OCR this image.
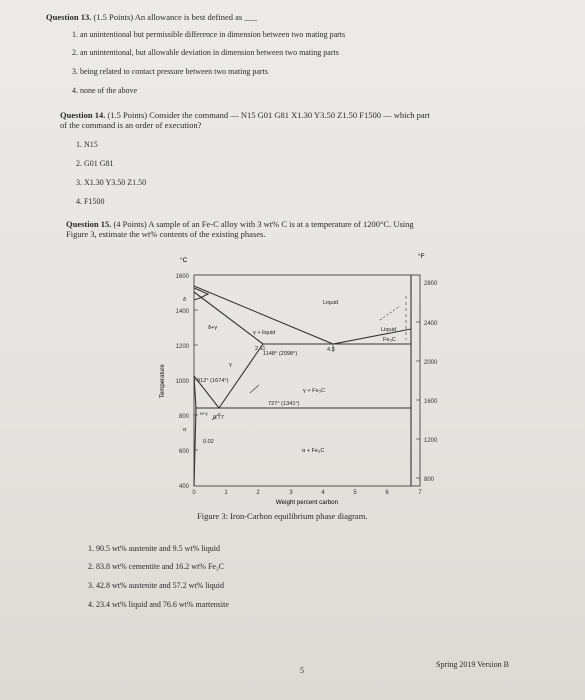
Question 13. (1.5 Points) An allowance is best defined as ___
1. an unintentional but permissible difference in dimension between two mating parts
2. an unintentional, but allowable deviation in dimension between two mating parts
3. being related to contact pressure between two mating parts
4. none of the above
Question 14. (1.5 Points) Consider the command — N15 G01 G81 X1.30 Y3.50 Z1.50 F1500 — which part
of the command is an order of execution?
1. N15
2. G01 G81
3. X1.30 Y3.50 Z1.50
4. F1500
Question 15. (4 Points) A sample of an Fe-C alloy with 3 wt% C is at a temperature of 1200°C. Using
Figure 3, estimate the wt% contents of the existing phases.
°C
°F
1600
1400
1200
1000
800
600
400
2800
2400
2000
1600
1200
800
Temperature
0	1	2	3	4	5	6	7
Weight percent carbon
Liquid
γ + liquid	Liquid
Fe₃C
1148° (2098°)
2.11	4.3
γ
δ+γ
δ
912° (1674°)
γ + Fe₃C
727° (1341°)
0.77
0.02
α
α+γ
α + Fe₃C
Figure 3: Iron-Carbon equilibrium phase diagram.
1. 90.5 wt% austenite and 9.5 wt% liquid
2. 83.8 wt% cementite and 16.2 wt% Fe₃C
3. 42.8 wt% austenite and 57.2 wt% liquid
4. 23.4 wt% liquid and 76.6 wt% martensite
5
Spring 2019 Version B
